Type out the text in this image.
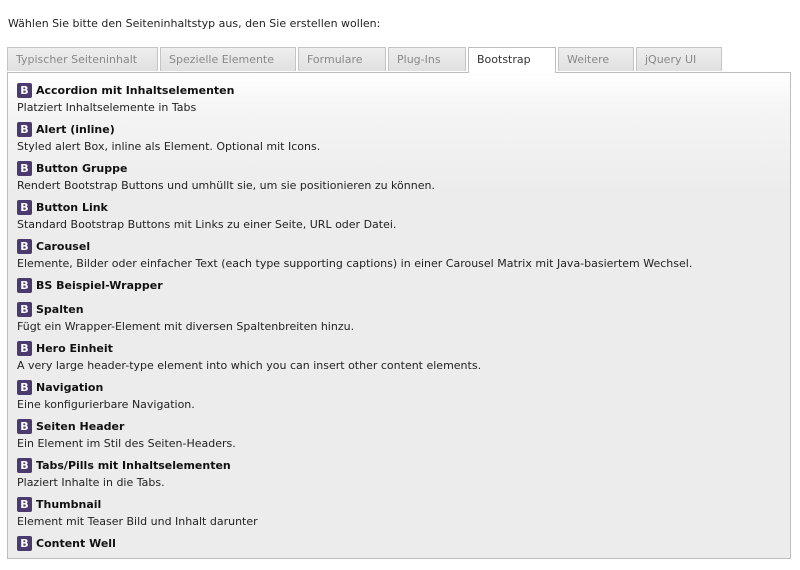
Wählen Sie bitte den Seiteninhaltstyp aus, den Sie erstellen wollen:
Typischer Seiteninhalt	Spezielle Elemente	Formulare	Plug-Ins	Bootstrap	Weitere	jQuery UI
B Accordion mit Inhaltselementen
Platziert Inhaltselemente in Tabs
B Alert (inline)
Styled alert Box, inline als Element. Optional mit Icons.
B Button Gruppe
Rendert Bootstrap Buttons und umhüllt sie, um sie positionieren zu können.
B Button Link
Standard Bootstrap Buttons mit Links zu einer Seite, URL oder Datei.
B Carousel
Elemente, Bilder oder einfacher Text (each type supporting captions) in einer Carousel Matrix mit Java-basiertem Wechsel.
B BS Beispiel-Wrapper
B Spalten
Fügt ein Wrapper-Element mit diversen Spaltenbreiten hinzu.
B Hero Einheit
A very large header-type element into which you can insert other content elements.
B Navigation
Eine konfigurierbare Navigation.
B Seiten Header
Ein Element im Stil des Seiten-Headers.
B Tabs/Pills mit Inhaltselementen
Plaziert Inhalte in die Tabs.
B Thumbnail
Element mit Teaser Bild und Inhalt darunter
B Content Well
